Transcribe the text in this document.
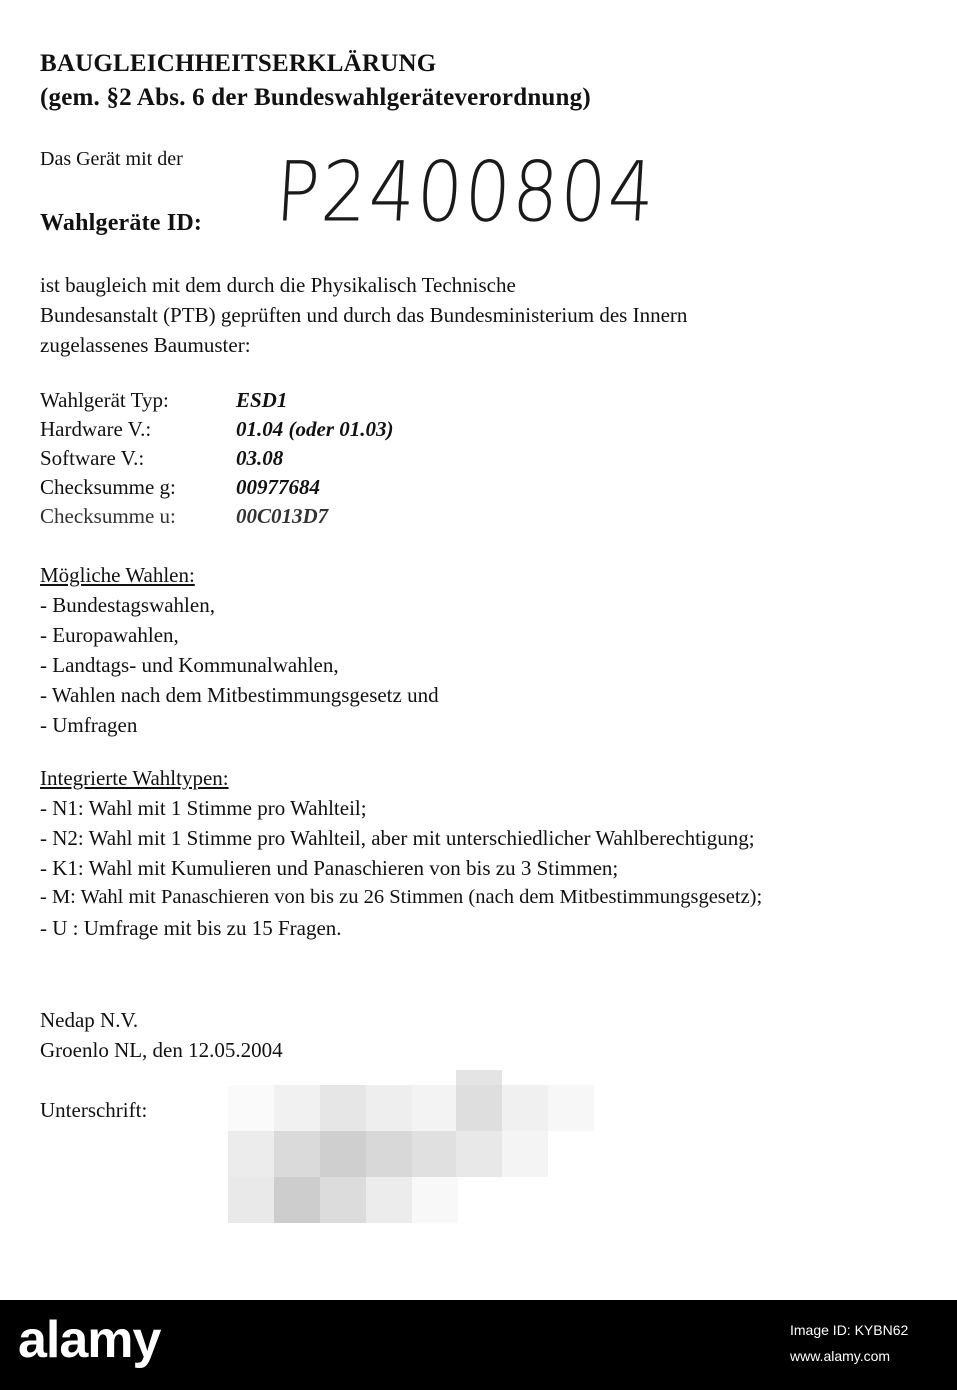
BAUGLEICHHEITSERKLÄRUNG
(gem. §2 Abs. 6 der Bundeswahlgeräteverordnung)
Das Gerät mit der
Wahlgeräte ID: P2400804
ist baugleich mit dem durch die Physikalisch Technische
Bundesanstalt (PTB) geprüften und durch das Bundesministerium des Innern
zugelassenes Baumuster:
Wahlgerät Typ:	ESD1
Hardware V.:	01.04 (oder 01.03)
Software V.:	03.08
Checksumme g:	00977684
Checksumme u:	00C013D7
Mögliche Wahlen:
- Bundestagswahlen,
- Europawahlen,
- Landtags- und Kommunalwahlen,
- Wahlen nach dem Mitbestimmungsgesetz und
- Umfragen
Integrierte Wahltypen:
- N1: Wahl mit 1 Stimme pro Wahlteil;
- N2: Wahl mit 1 Stimme pro Wahlteil, aber mit unterschiedlicher Wahlberechtigung;
- K1: Wahl mit Kumulieren und Panaschieren von bis zu 3 Stimmen;
- M: Wahl mit Panaschieren von bis zu 26 Stimmen (nach dem Mitbestimmungsgesetz);
- U : Umfrage mit bis zu 15 Fragen.
Nedap N.V.
Groenlo NL, den 12.05.2004
Unterschrift:
alamy	Image ID: KYBN62
www.alamy.com
